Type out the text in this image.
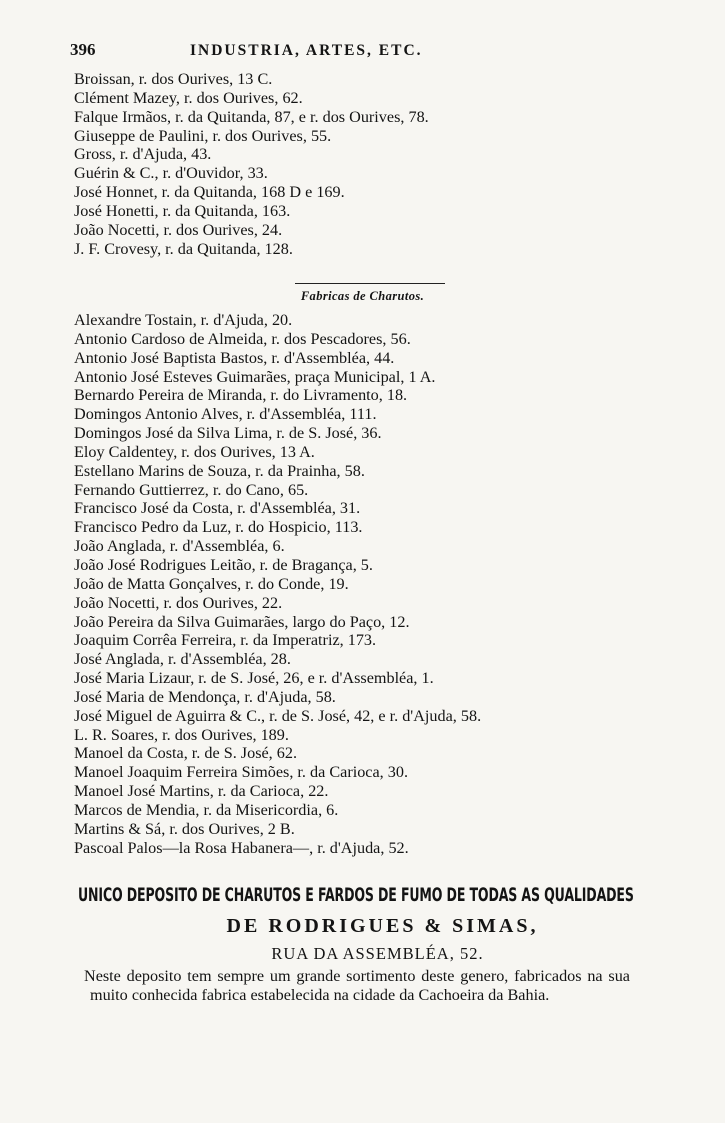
396	INDUSTRIA, ARTES, ETC.
Broissan, r. dos Ourives, 13 C.
Clément Mazey, r. dos Ourives, 62.
Falque Irmãos, r. da Quitanda, 87, e r. dos Ourives, 78.
Giuseppe de Paulini, r. dos Ourives, 55.
Gross, r. d'Ajuda, 43.
Guérin & C., r. d'Ouvidor, 33.
José Honnet, r. da Quitanda, 168 D e 169.
José Honetti, r. da Quitanda, 163.
João Nocetti, r. dos Ourives, 24.
J. F. Crovesy, r. da Quitanda, 128.
Fabricas de Charutos.
Alexandre Tostain, r. d'Ajuda, 20.
Antonio Cardoso de Almeida, r. dos Pescadores, 56.
Antonio José Baptista Bastos, r. d'Assembléa, 44.
Antonio José Esteves Guimarães, praça Municipal, 1 A.
Bernardo Pereira de Miranda, r. do Livramento, 18.
Domingos Antonio Alves, r. d'Assembléa, 111.
Domingos José da Silva Lima, r. de S. José, 36.
Eloy Caldentey, r. dos Ourives, 13 A.
Estellano Marins de Souza, r. da Prainha, 58.
Fernando Guttierrez, r. do Cano, 65.
Francisco José da Costa, r. d'Assembléa, 31.
Francisco Pedro da Luz, r. do Hospicio, 113.
João Anglada, r. d'Assembléa, 6.
João José Rodrigues Leitão, r. de Bragança, 5.
João de Matta Gonçalves, r. do Conde, 19.
João Nocetti, r. dos Ourives, 22.
João Pereira da Silva Guimarães, largo do Paço, 12.
Joaquim Corrêa Ferreira, r. da Imperatriz, 173.
José Anglada, r. d'Assembléa, 28.
José Maria Lizaur, r. de S. José, 26, e r. d'Assembléa, 1.
José Maria de Mendonça, r. d'Ajuda, 58.
José Miguel de Aguirra & C., r. de S. José, 42, e r. d'Ajuda, 58.
L. R. Soares, r. dos Ourives, 189.
Manoel da Costa, r. de S. José, 62.
Manoel Joaquim Ferreira Simões, r. da Carioca, 30.
Manoel José Martins, r. da Carioca, 22.
Marcos de Mendia, r. da Misericordia, 6.
Martins & Sá, r. dos Ourives, 2 B.
Pascoal Palos—la Rosa Habanera—, r. d'Ajuda, 52.
UNICO DEPOSITO DE CHARUTOS E FARDOS DE FUMO DE TODAS AS QUALIDADES
DE RODRIGUES & SIMAS,
RUA DA ASSEMBLÉA, 52.
Neste deposito tem sempre um grande sortimento deste genero, fabricados na sua muito conhecida fabrica estabelecida na cidade da Cachoeira da Bahia.
